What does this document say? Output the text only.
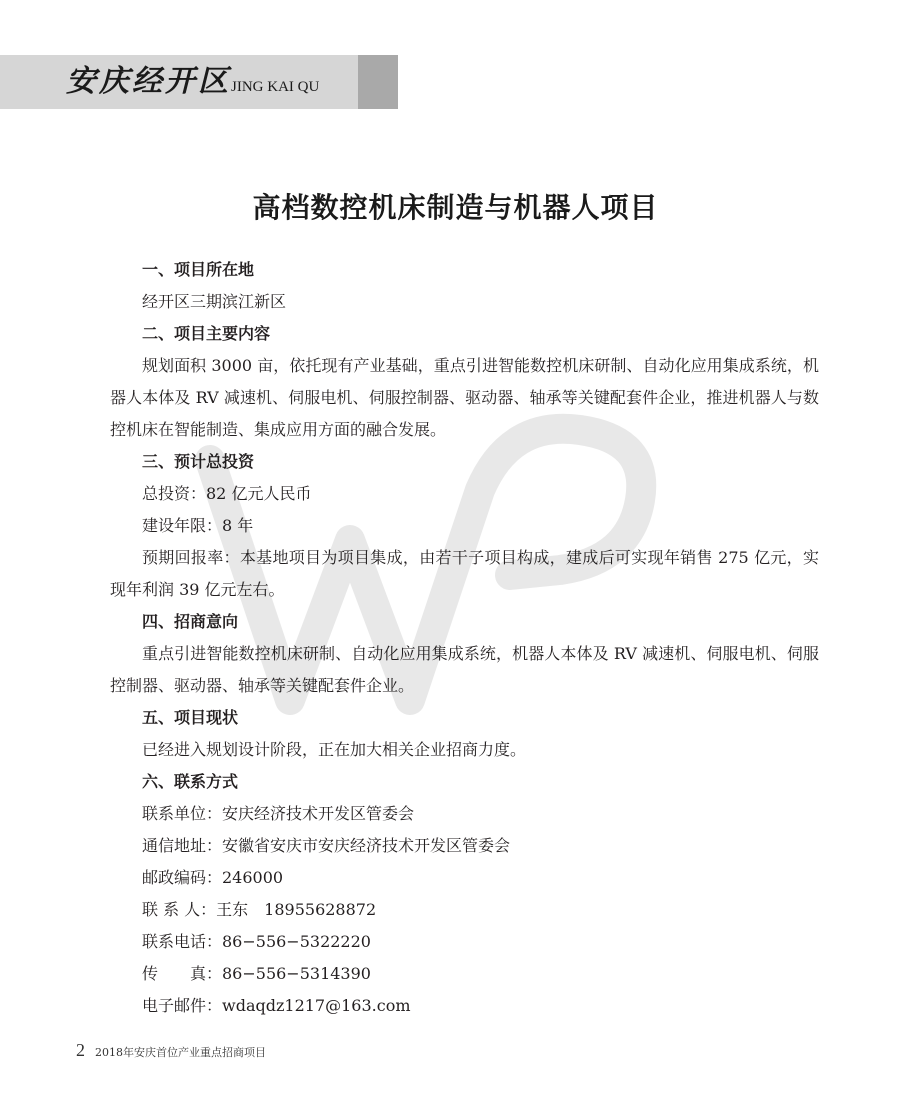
安庆经开区 JING KAI QU
高档数控机床制造与机器人项目

一、项目所在地

经开区三期滨江新区

二、项目主要内容

规划面积 3000 亩，依托现有产业基础，重点引进智能数控机床研制、自动化应用集成系统，机器人本体及 RV 减速机、伺服电机、伺服控制器、驱动器、轴承等关键配套件企业，推进机器人与数控机床在智能制造、集成应用方面的融合发展。

三、预计总投资

总投资：82 亿元人民币

建设年限：8 年

预期回报率：本基地项目为项目集成，由若干子项目构成，建成后可实现年销售 275 亿元，实现年利润 39 亿元左右。

四、招商意向

重点引进智能数控机床研制、自动化应用集成系统，机器人本体及 RV 减速机、伺服电机、伺服控制器、驱动器、轴承等关键配套件企业。

五、项目现状

已经进入规划设计阶段，正在加大相关企业招商力度。

六、联系方式

联系单位：安庆经济技术开发区管委会

通信地址：安徽省安庆市安庆经济技术开发区管委会

邮政编码：246000

联 系 人：王东　18955628872

联系电话：86−556−5322220

传　　真：86−556−5314390

电子邮件：wdaqdz1217@163.com

2 2018年安庆首位产业重点招商项目
